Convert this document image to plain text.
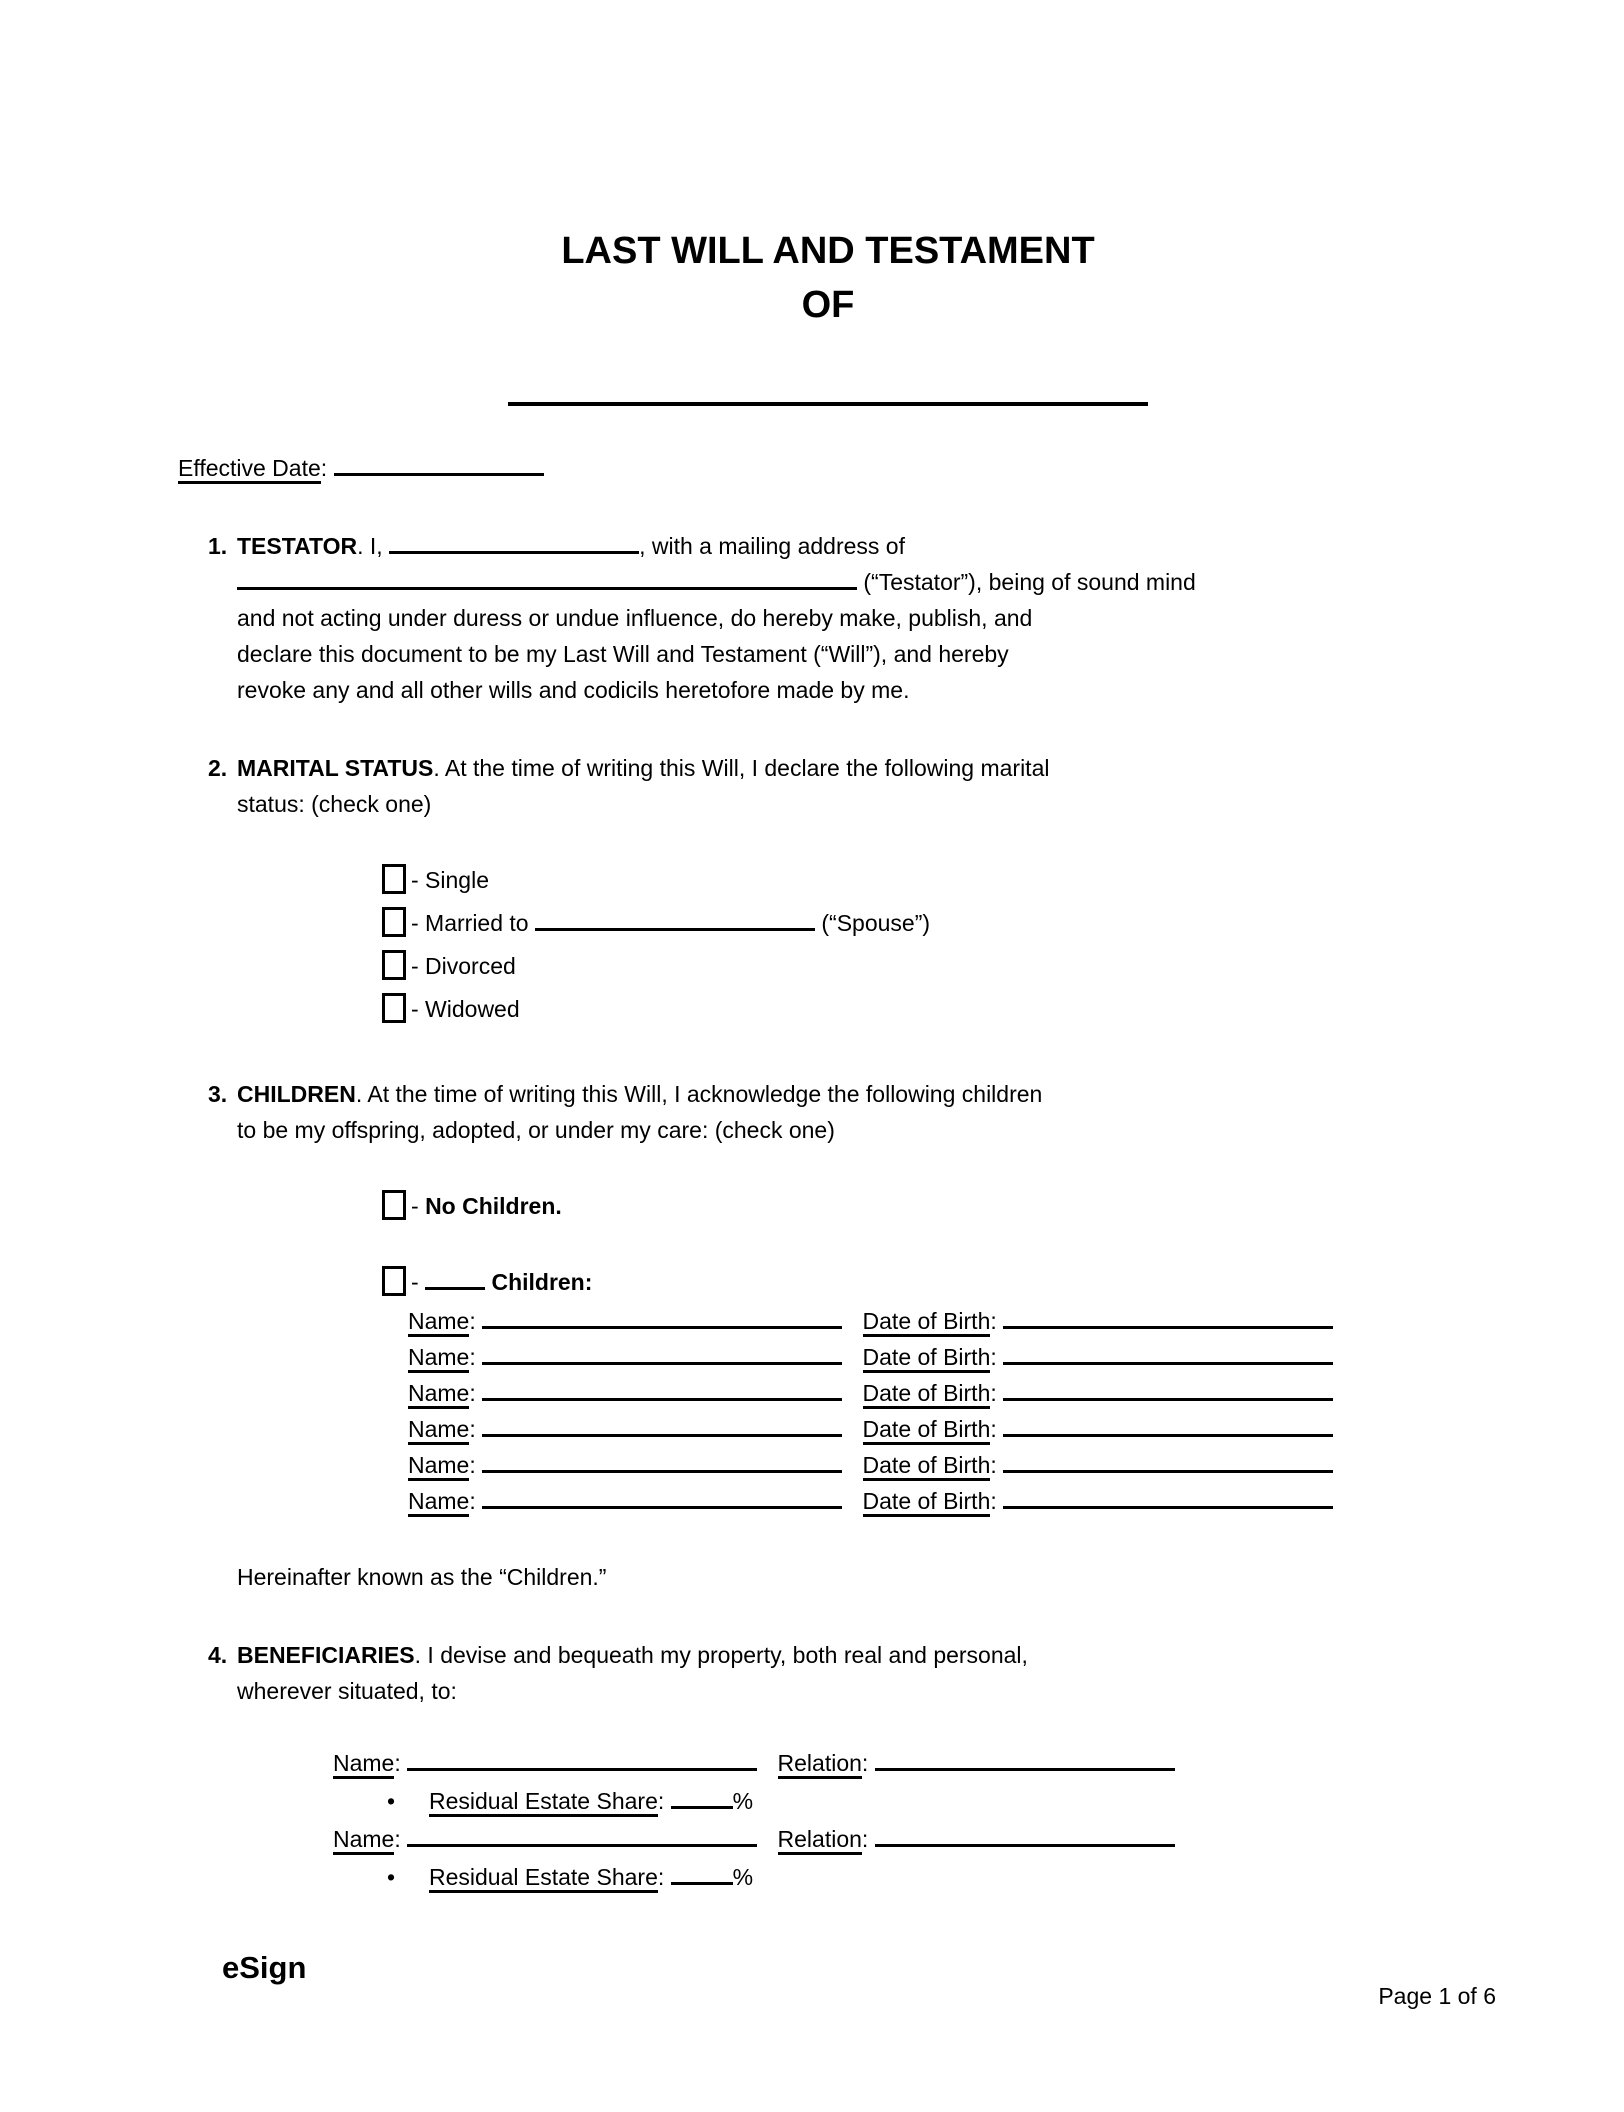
LAST WILL AND TESTAMENT
OF
Effective Date:
1. TESTATOR. I,	, with a mailing address of
(“Testator”), being of sound mind
and not acting under duress or undue influence, do hereby make, publish, and
declare this document to be my Last Will and Testament (“Will”), and hereby
revoke any and all other wills and codicils heretofore made by me.
2. MARITAL STATUS. At the time of writing this Will, I declare the following marital
status: (check one)
- Single
- Married to	(“Spouse”)
- Divorced
- Widowed
3. CHILDREN. At the time of writing this Will, I acknowledge the following children
to be my offspring, adopted, or under my care: (check one)
- No Children.
-	Children:
Name:	Date of Birth:
Name:	Date of Birth:
Name:	Date of Birth:
Name:	Date of Birth:
Name:	Date of Birth:
Name:	Date of Birth:
Hereinafter known as the “Children.”
4. BENEFICIARIES. I devise and bequeath my property, both real and personal,
wherever situated, to:
Name:	Relation:
• Residual Estate Share:	%
Name:	Relation:
• Residual Estate Share:	%
eSign
Page 1 of 6
